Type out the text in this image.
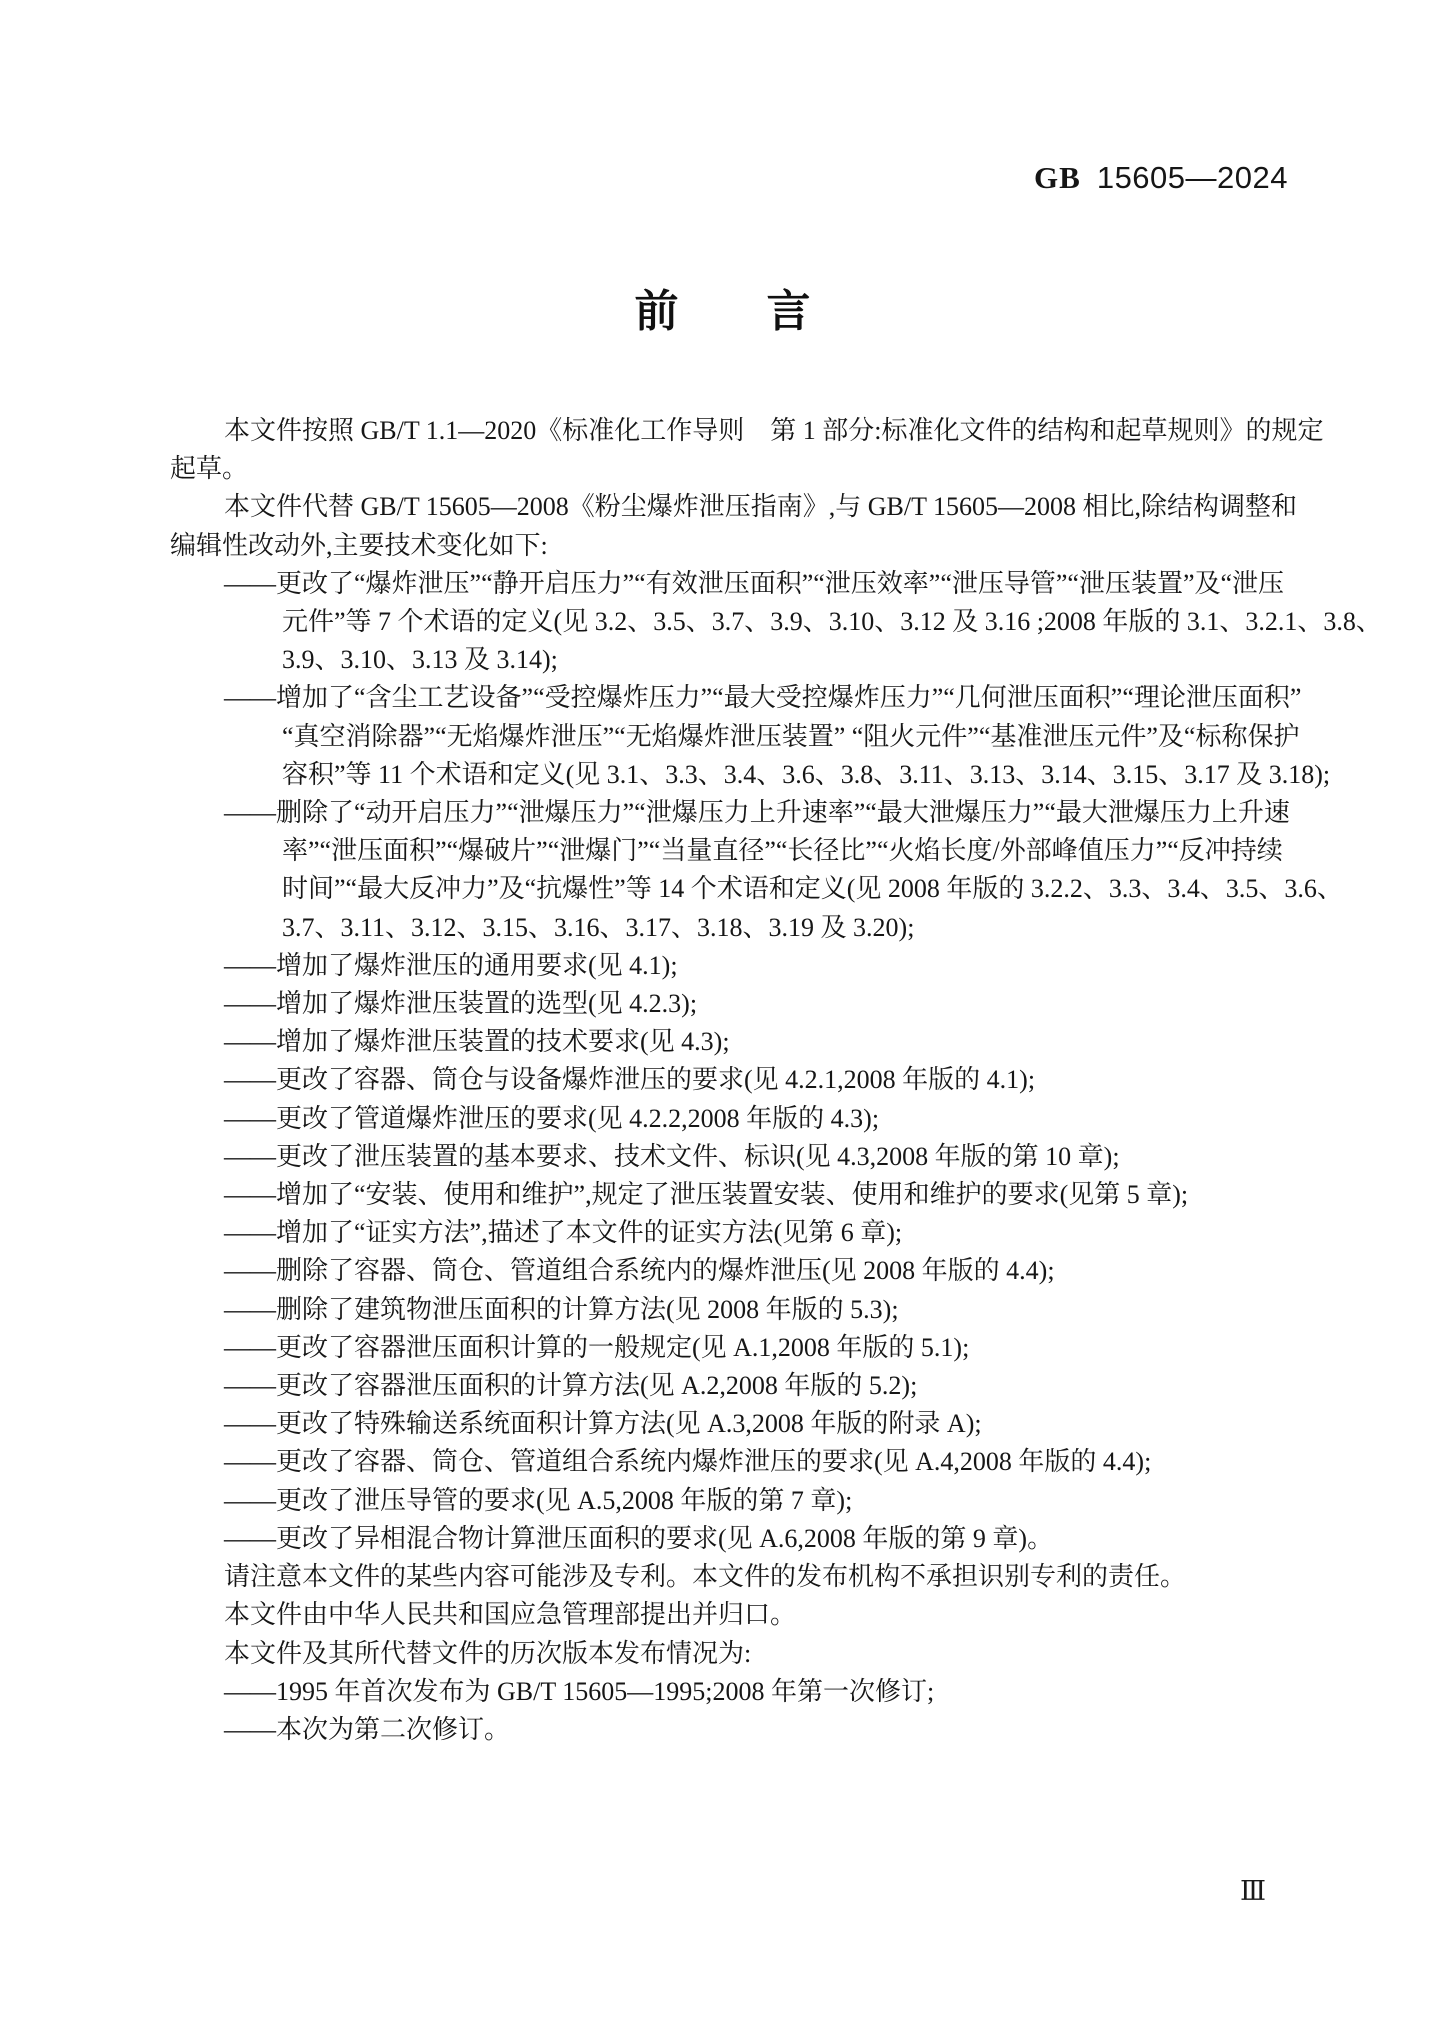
GB 15605—2024
前　　言
本文件按照 GB/T 1.1—2020《标准化工作导则　第 1 部分:标准化文件的结构和起草规则》的规定
起草。
本文件代替 GB/T 15605—2008《粉尘爆炸泄压指南》,与 GB/T 15605—2008 相比,除结构调整和
编辑性改动外,主要技术变化如下:
——更改了“爆炸泄压”“静开启压力”“有效泄压面积”“泄压效率”“泄压导管”“泄压装置”及“泄压
元件”等 7 个术语的定义(见 3.2、3.5、3.7、3.9、3.10、3.12 及 3.16 ;2008 年版的 3.1、3.2.1、3.8、
3.9、3.10、3.13 及 3.14);
——增加了“含尘工艺设备”“受控爆炸压力”“最大受控爆炸压力”“几何泄压面积”“理论泄压面积”
“真空消除器”“无焰爆炸泄压”“无焰爆炸泄压装置” “阻火元件”“基准泄压元件”及“标称保护
容积”等 11 个术语和定义(见 3.1、3.3、3.4、3.6、3.8、3.11、3.13、3.14、3.15、3.17 及 3.18);
——删除了“动开启压力”“泄爆压力”“泄爆压力上升速率”“最大泄爆压力”“最大泄爆压力上升速
率”“泄压面积”“爆破片”“泄爆门”“当量直径”“长径比”“火焰长度/外部峰值压力”“反冲持续
时间”“最大反冲力”及“抗爆性”等 14 个术语和定义(见 2008 年版的 3.2.2、3.3、3.4、3.5、3.6、
3.7、3.11、3.12、3.15、3.16、3.17、3.18、3.19 及 3.20);
——增加了爆炸泄压的通用要求(见 4.1);
——增加了爆炸泄压装置的选型(见 4.2.3);
——增加了爆炸泄压装置的技术要求(见 4.3);
——更改了容器、筒仓与设备爆炸泄压的要求(见 4.2.1,2008 年版的 4.1);
——更改了管道爆炸泄压的要求(见 4.2.2,2008 年版的 4.3);
——更改了泄压装置的基本要求、技术文件、标识(见 4.3,2008 年版的第 10 章);
——增加了“安装、使用和维护”,规定了泄压装置安装、使用和维护的要求(见第 5 章);
——增加了“证实方法”,描述了本文件的证实方法(见第 6 章);
——删除了容器、筒仓、管道组合系统内的爆炸泄压(见 2008 年版的 4.4);
——删除了建筑物泄压面积的计算方法(见 2008 年版的 5.3);
——更改了容器泄压面积计算的一般规定(见 A.1,2008 年版的 5.1);
——更改了容器泄压面积的计算方法(见 A.2,2008 年版的 5.2);
——更改了特殊输送系统面积计算方法(见 A.3,2008 年版的附录 A);
——更改了容器、筒仓、管道组合系统内爆炸泄压的要求(见 A.4,2008 年版的 4.4);
——更改了泄压导管的要求(见 A.5,2008 年版的第 7 章);
——更改了异相混合物计算泄压面积的要求(见 A.6,2008 年版的第 9 章)。
请注意本文件的某些内容可能涉及专利。本文件的发布机构不承担识别专利的责任。
本文件由中华人民共和国应急管理部提出并归口。
本文件及其所代替文件的历次版本发布情况为:
——1995 年首次发布为 GB/T 15605—1995;2008 年第一次修订;
——本次为第二次修订。
Ⅲ
